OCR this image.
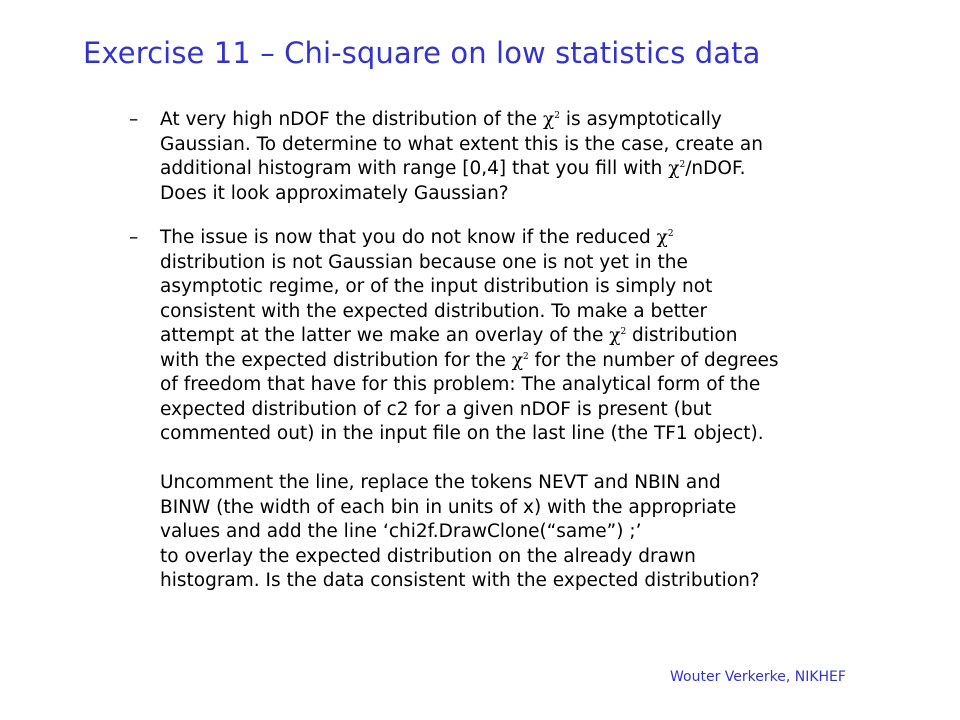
Exercise 11 – Chi-square on low statistics data
– At very high nDOF the distribution of the $\chi^2$ is asymptotically
Gaussian. To determine to what extent this is the case, create an
additional histogram with range [0,4] that you fill with $\chi^2$/nDOF.
Does it look approximately Gaussian?
– The issue is now that you do not know if the reduced $\chi^2$
distribution is not Gaussian because one is not yet in the
asymptotic regime, or of the input distribution is simply not
consistent with the expected distribution. To make a better
attempt at the latter we make an overlay of the $\chi^2$ distribution
with the expected distribution for the $\chi^2$ for the number of degrees
of freedom that have for this problem: The analytical form of the
expected distribution of c2 for a given nDOF is present (but
commented out) in the input file on the last line (the TF1 object).
Uncomment the line, replace the tokens NEVT and NBIN and
BINW (the width of each bin in units of x) with the appropriate
values and add the line ‘chi2f.DrawClone(“same”) ;’
to overlay the expected distribution on the already drawn
histogram. Is the data consistent with the expected distribution?
Wouter Verkerke, NIKHEF
